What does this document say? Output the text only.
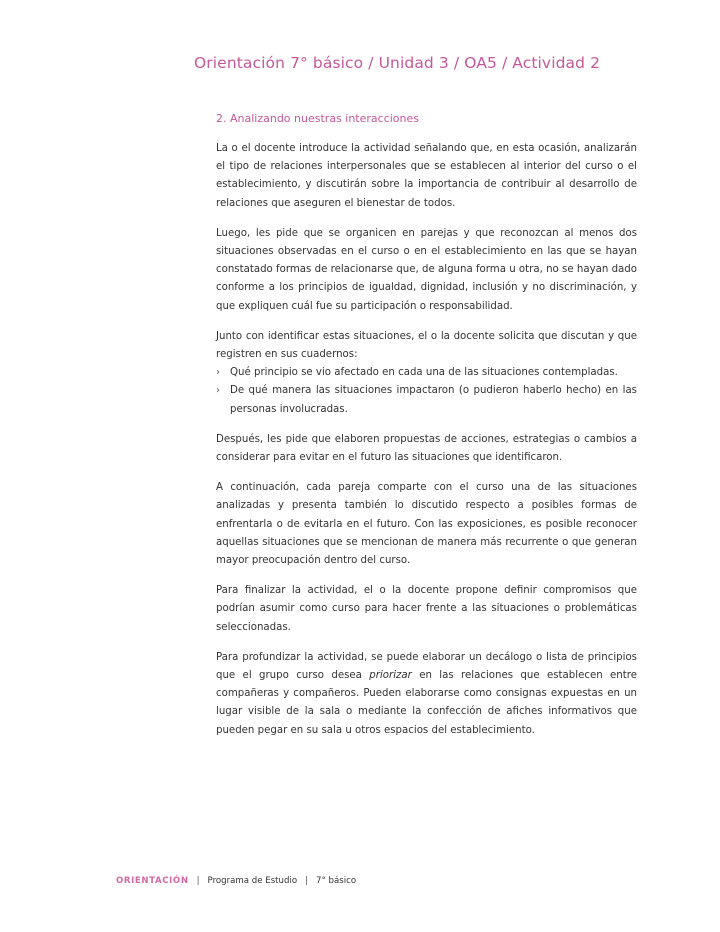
Orientación 7° básico / Unidad 3 / OA5 / Actividad 2
2. Analizando nuestras interacciones

La o el docente introduce la actividad señalando que, en esta ocasión, analizarán el tipo de relaciones interpersonales que se establecen al interior del curso o el establecimiento, y discutirán sobre la importancia de contribuir al desarrollo de relaciones que aseguren el bienestar de todos.

Luego, les pide que se organicen en parejas y que reconozcan al menos dos situaciones observadas en el curso o en el establecimiento en las que se hayan constatado formas de relacionarse que, de alguna forma u otra, no se hayan dado conforme a los principios de igualdad, dignidad, inclusión y no discriminación, y que expliquen cuál fue su participación o responsabilidad.

Junto con identificar estas situaciones, el o la docente solicita que discutan y que registren en sus cuadernos:

› Qué principio se vio afectado en cada una de las situaciones contempladas.
› De qué manera las situaciones impactaron (o pudieron haberlo hecho) en las personas involucradas.

Después, les pide que elaboren propuestas de acciones, estrategias o cambios a considerar para evitar en el futuro las situaciones que identificaron.

A continuación, cada pareja comparte con el curso una de las situaciones analizadas y presenta también lo discutido respecto a posibles formas de enfrentarla o de evitarla en el futuro. Con las exposiciones, es posible reconocer aquellas situaciones que se mencionan de manera más recurrente o que generan mayor preocupación dentro del curso.

Para finalizar la actividad, el o la docente propone definir compromisos que podrían asumir como curso para hacer frente a las situaciones o problemáticas seleccionadas.

Para profundizar la actividad, se puede elaborar un decálogo o lista de principios que el grupo curso desea priorizar en las relaciones que establecen entre compañeras y compañeros. Pueden elaborarse como consignas expuestas en un lugar visible de la sala o mediante la confección de afiches informativos que pueden pegar en su sala u otros espacios del establecimiento.

ORIENTACIÓN | Programa de Estudio | 7° básico
